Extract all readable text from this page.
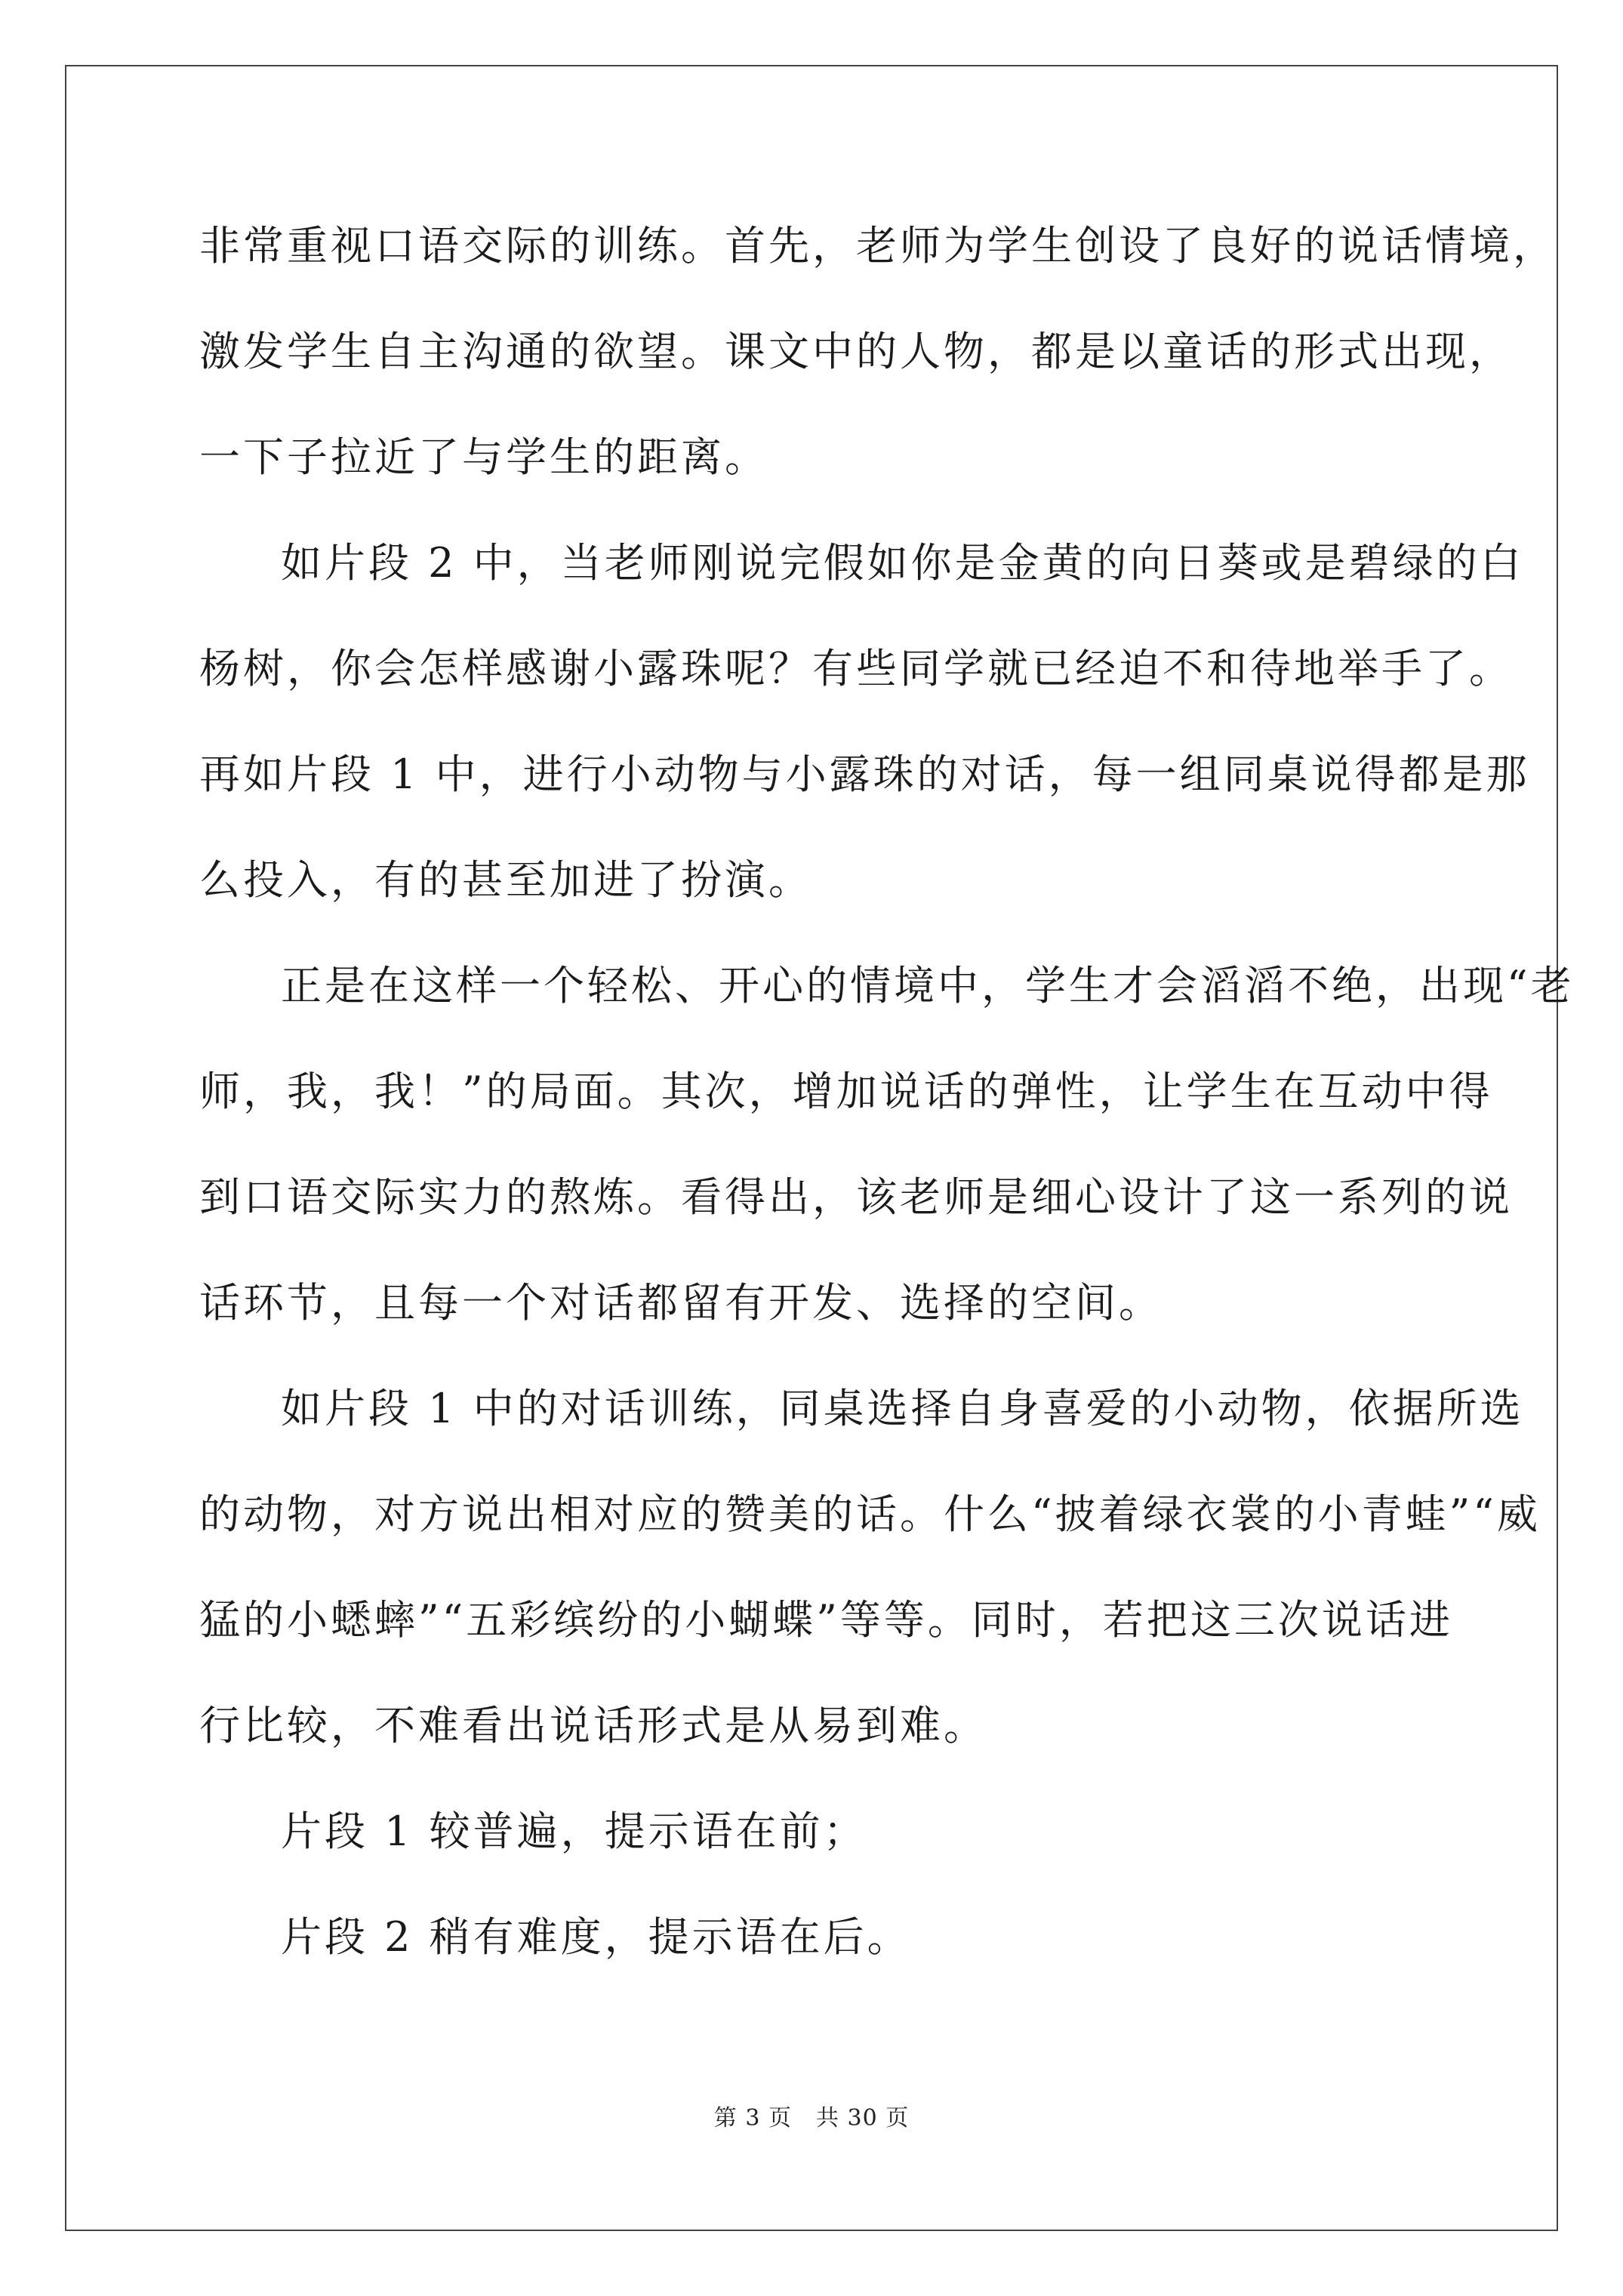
非常重视口语交际的训练。首先，老师为学生创设了良好的说话情境，
激发学生自主沟通的欲望。课文中的人物，都是以童话的形式出现，
一下子拉近了与学生的距离。
如片段 2 中，当老师刚说完假如你是金黄的向日葵或是碧绿的白
杨树，你会怎样感谢小露珠呢？有些同学就已经迫不和待地举手了。
再如片段 1 中，进行小动物与小露珠的对话，每一组同桌说得都是那
么投入，有的甚至加进了扮演。
正是在这样一个轻松、开心的情境中，学生才会滔滔不绝，出现“老
师，我，我！”的局面。其次，增加说话的弹性，让学生在互动中得
到口语交际实力的熬炼。看得出，该老师是细心设计了这一系列的说
话环节，且每一个对话都留有开发、选择的空间。
如片段 1 中的对话训练，同桌选择自身喜爱的小动物，依据所选
的动物，对方说出相对应的赞美的话。什么“披着绿衣裳的小青蛙”“威
猛的小蟋蟀”“五彩缤纷的小蝴蝶”等等。同时，若把这三次说话进
行比较，不难看出说话形式是从易到难。
片段 1 较普遍，提示语在前；
片段 2 稍有难度，提示语在后。
第 3 页 共 30 页
